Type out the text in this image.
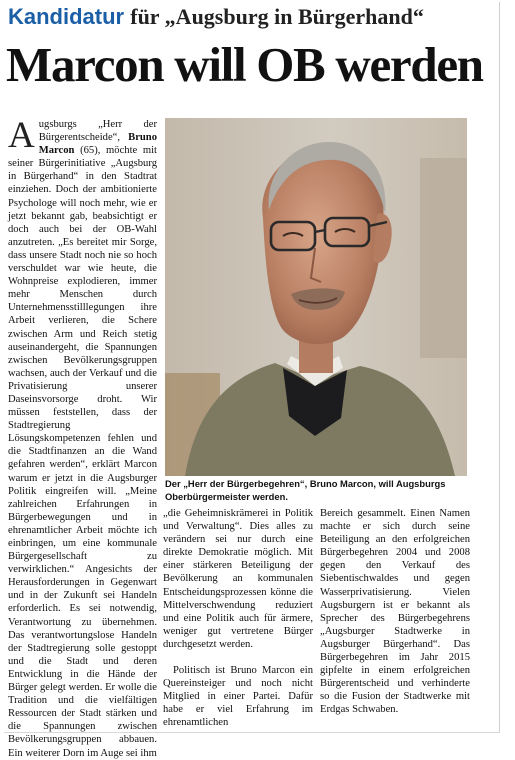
Kandidatur für „Augsburg in Bürgerhand“
Marcon will OB werden

Augsburgs „Herr der Bürgerentscheide“, Bruno Marcon (65), möchte mit seiner Bürgerinitiative „Augsburg in Bürgerhand“ in den Stadtrat einziehen. Doch der ambitionierte Psychologe will noch mehr, wie er jetzt bekannt gab, beabsichtigt er doch auch bei der OB-Wahl anzutreten. „Es bereitet mir Sorge, dass unsere Stadt noch nie so hoch verschuldet war wie heute, die Wohnpreise explodieren, immer mehr Menschen durch Unternehmensstilllegungen ihre Arbeit verlieren, die Schere zwischen Arm und Reich stetig auseinandergeht, die Spannungen zwischen Bevölkerungsgruppen wachsen, auch der Verkauf und die Privatisierung unserer Daseinsvorsorge droht. Wir müssen feststellen, dass der Stadtregierung Lösungskompetenzen fehlen und die Stadtfinanzen an die Wand gefahren werden“, erklärt Marcon warum er jetzt in die Augsburger Politik eingreifen will. „Meine zahlreichen Erfahrungen in Bürgerbewegungen und in ehrenamtlicher Arbeit möchte ich einbringen, um eine kommunale Bürgergesellschaft zu verwirklichen.“ Angesichts der Herausforderungen in Gegenwart und in der Zukunft sei Handeln erforderlich. Es sei notwendig, Verantwortung zu übernehmen. Das verantwortungslose Handeln der Stadtregierung solle gestoppt und die Stadt und deren Entwicklung in die Hände der Bürger gelegt werden. Er wolle die Tradition und die vielfältigen Ressourcen der Stadt stärken und die Spannungen zwischen Bevölkerungsgruppen abbauen. Ein weiterer Dorn im Auge sei ihm

Der „Herr der Bürgerbegehren“, Bruno Marcon, will Augsburgs Oberbürgermeister werden.

„die Geheimniskrämerei in Politik und Verwaltung“. Dies alles zu verändern sei nur durch eine direkte Demokratie möglich. Mit einer stärkeren Beteiligung der Bevölkerung an kommunalen Entscheidungsprozessen könne die Mittelverschwendung reduziert und eine Politik auch für ärmere, weniger gut vertretene Bürger durchgesetzt werden.

Politisch ist Bruno Marcon ein Quereinsteiger und noch nicht Mitglied in einer Partei. Dafür habe er viel Erfahrung im ehrenamtlichen

Bereich gesammelt. Einen Namen machte er sich durch seine Beteiligung an den erfolgreichen Bürgerbegehren 2004 und 2008 gegen den Verkauf des Siebentischwaldes und gegen Wasserprivatisierung. Vielen Augsburgern ist er bekannt als Sprecher des Bürgerbegehrens „Augsburger Stadtwerke in Augsburger Bürgerhand“. Das Bürgerbegehren im Jahr 2015 gipfelte in einem erfolgreichen Bürgerentscheid und verhinderte so die Fusion der Stadtwerke mit Erdgas Schwaben.
